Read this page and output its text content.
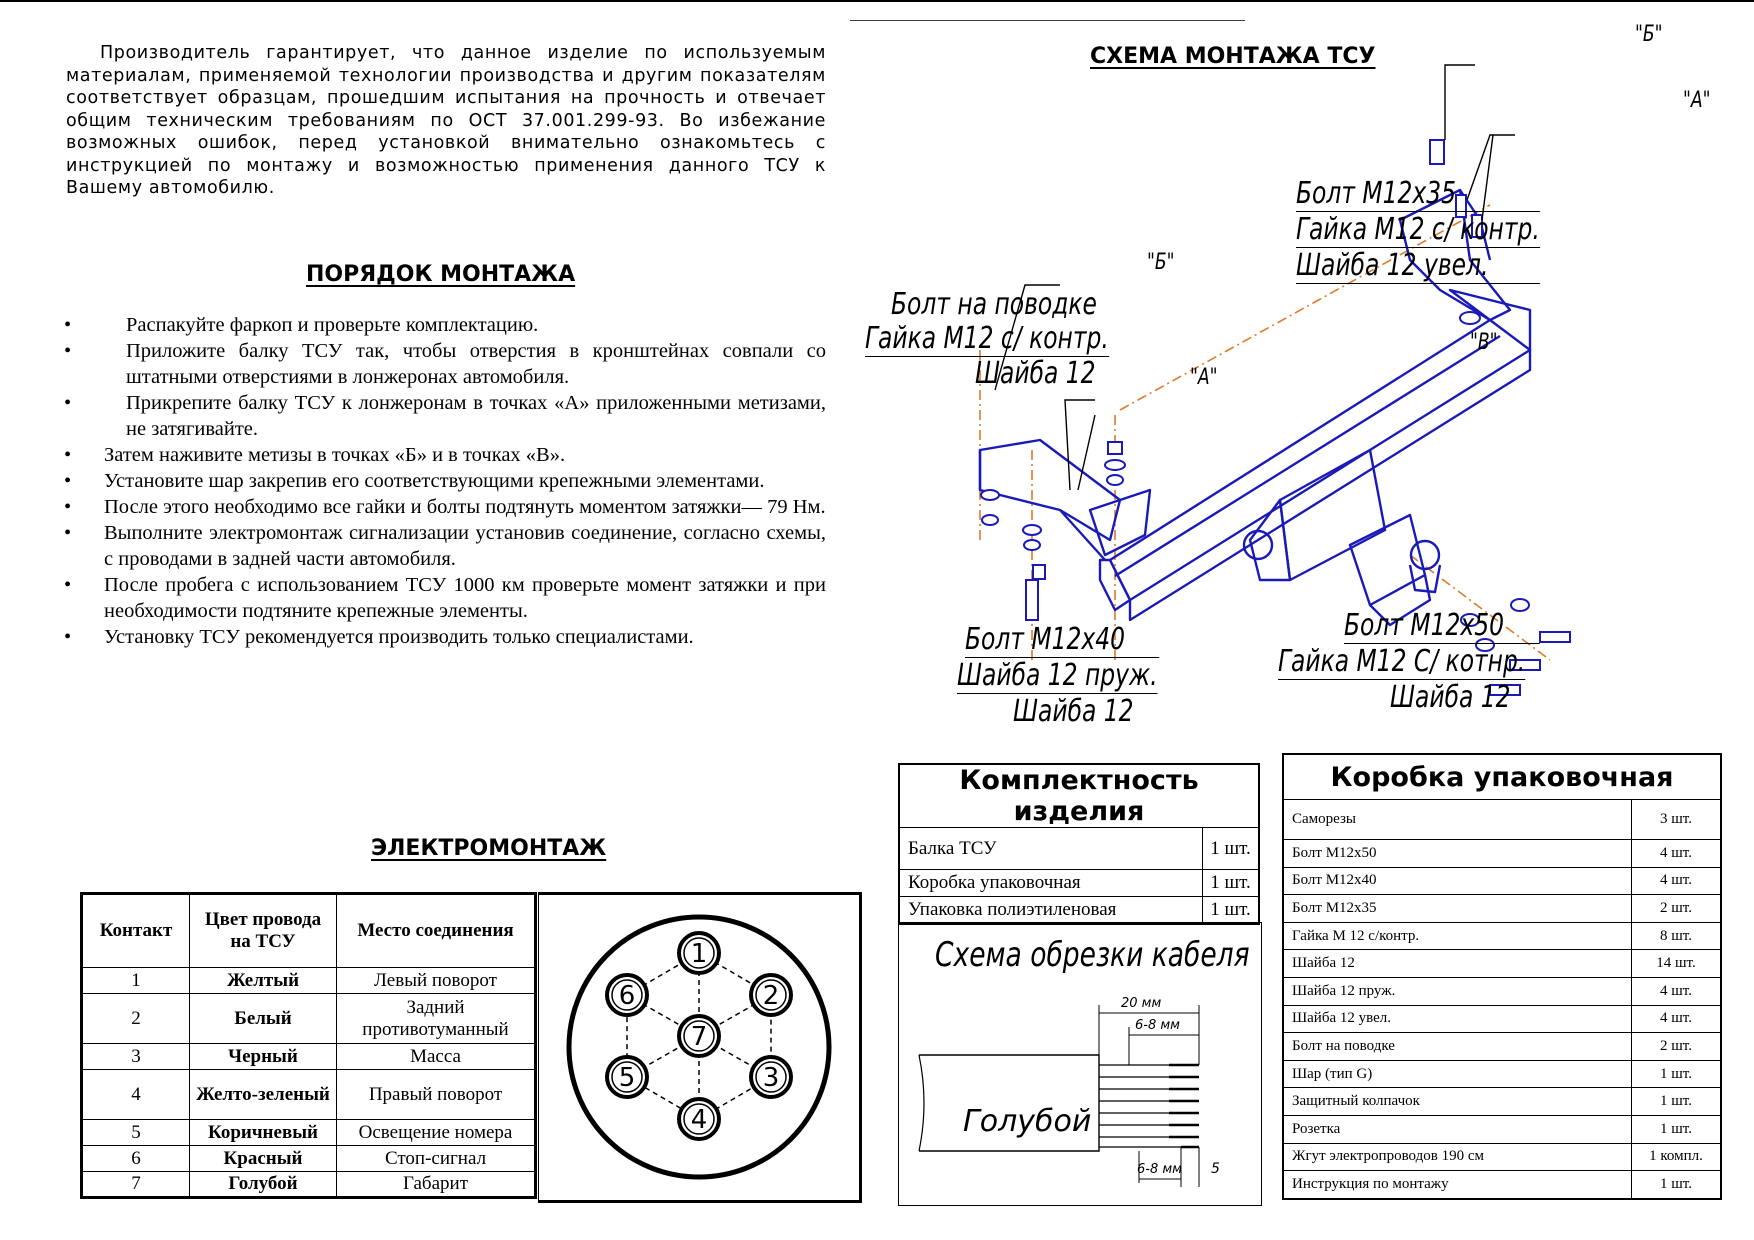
Производитель гарантирует, что данное изделие по используемым материалам, применяемой технологии производства и другим показателям соответствует образцам, прошедшим испытания на прочность и отвечает общим техническим требованиям по ОСТ 37.001.299-93. Во избежание возможных ошибок, перед установкой внимательно ознакомьтесь с инструкцией по монтажу и возможностью применения данного ТСУ к Вашему автомобилю.

ПОРЯДОК МОНТАЖА
• Распакуйте фаркоп и проверьте комплектацию.
• Приложите балку ТСУ так, чтобы отверстия в кронштейнах совпали со штатными отверстиями в лонжеронах автомобиля.
• Прикрепите балку ТСУ к лонжеронам в точках «А» приложенными метизами, не затягивайте.
• Затем наживите метизы в точках «Б» и в точках «В».
• Установите шар закрепив его соответствующими крепежными элементами.
• После этого необходимо все гайки и болты подтянуть моментом затяжки— 79 Нм.
• Выполните электромонтаж сигнализации установив соединение, согласно схемы, с проводами в задней части автомобиля.
• После пробега с использованием ТСУ 1000 км проверьте момент затяжки и при необходимости подтяните крепежные элементы.
• Установку ТСУ рекомендуется производить только специалистами.
ЭЛЕКТРОМОНТАЖ
Контакт	Цвет провода на ТСУ	Место соединения
1	Желтый	Левый поворот
2	Белый	Задний противотуманный
3	Черный	Масса
4	Желто-зеленый	Правый поворот
5	Коричневый	Освещение номера
6	Красный	Стоп-сигнал
7	Голубой	Габарит
1
2
3
4
5
6
7
СХЕМА МОНТАЖА ТСУ
"Б"
"А"
"Б"
"А"
"В"
Болт М12х35
Гайка М12 с/ контр.
Шайба 12 увел.
Болт на поводке
Гайка М12 с/ контр.
Шайба 12
Болт М12х40
Шайба 12 пруж.
Шайба 12
Болт М12х50
Гайка М12 С/ котнр.
Шайба 12
Комплектность изделия	
Балка ТСУ	1 шт.
Коробка упаковочная	1 шт.
Упаковка полиэтиленовая	1 шт.
Схема обрезки кабеля
20 мм
6-8 мм
6-8 мм 5
Голубой
Коробка упаковочная	
Саморезы	3 шт.
Болт М12х50	4 шт.
Болт М12х40	4 шт.
Болт М12х35	2 шт.
Гайка М 12 с/контр.	8 шт.
Шайба 12	14 шт.
Шайба 12 пруж.	4 шт.
Шайба 12 увел.	4 шт.
Болт на поводке	2 шт.
Шар (тип G)	1 шт.
Защитный колпачок	1 шт.
Розетка	1 шт.
Жгут электропроводов 190 см	1 компл.
Инструкция по монтажу	1 шт.
